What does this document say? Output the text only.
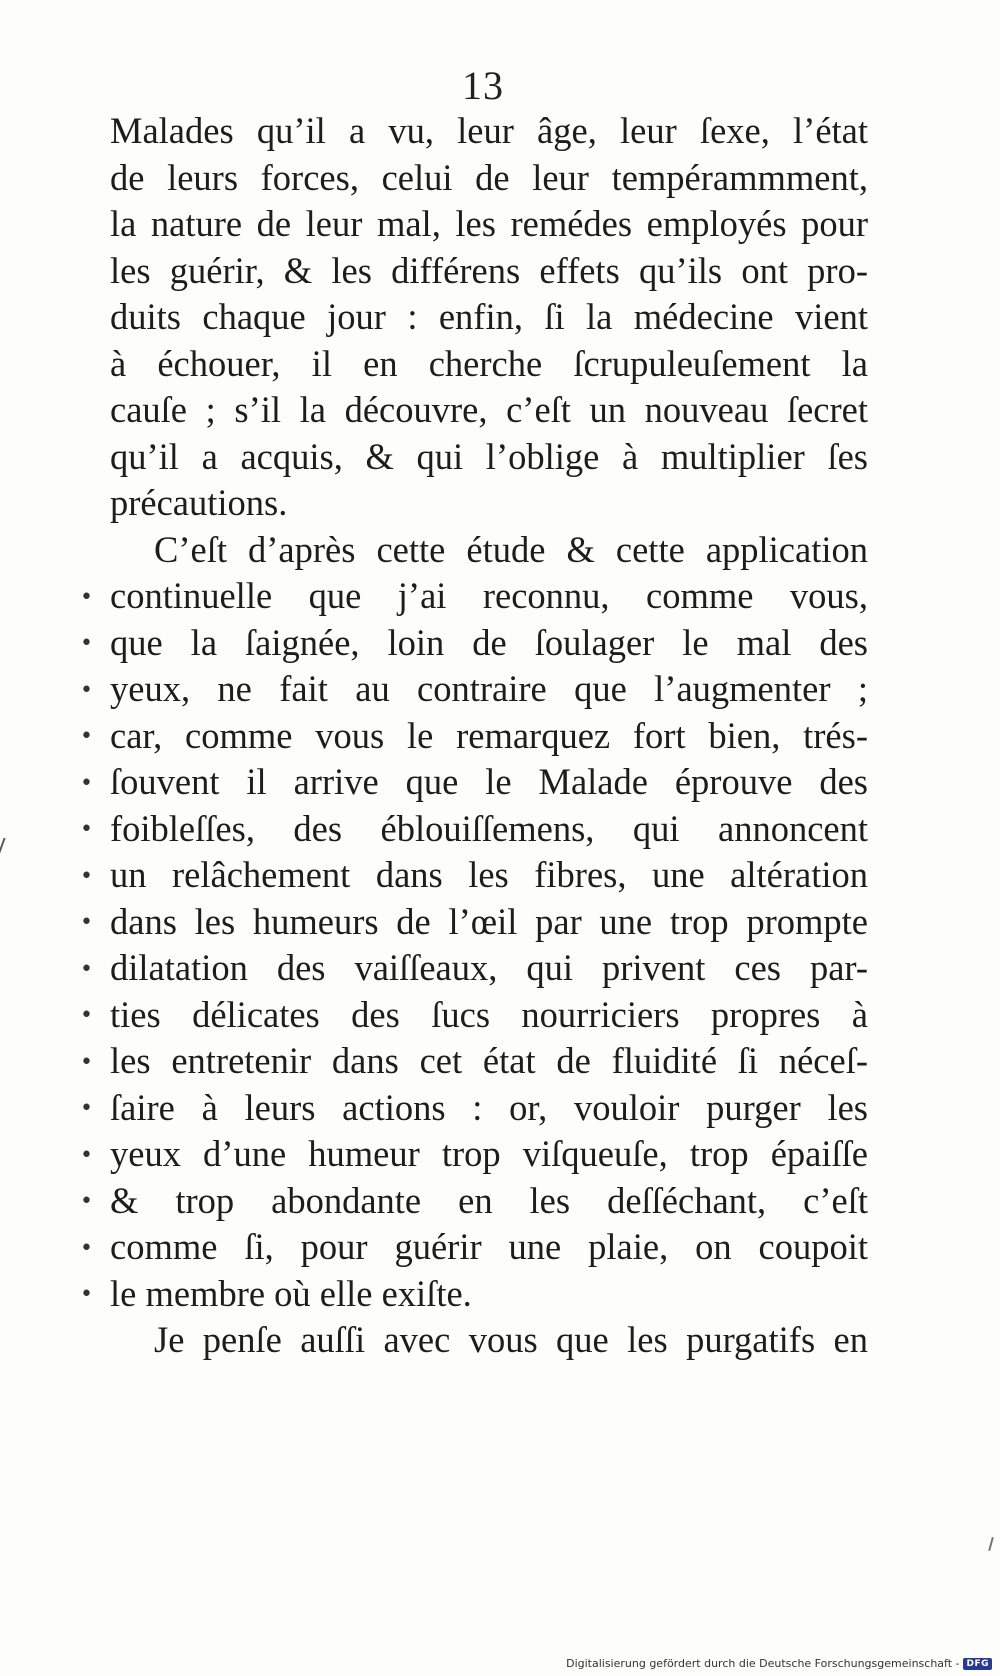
13
Malades qu’il a vu, leur âge, leur ſexe, l’état
de leurs forces, celui de leur tempérammment,
la nature de leur mal, les remédes employés pour
les guérir, & les différens effets qu’ils ont pro-
duits chaque jour : enfin, ſi la médecine vient
à échouer, il en cherche ſcrupuleuſement la
cauſe ; s’il la découvre, c’eſt un nouveau ſecret
qu’il a acquis, & qui l’oblige à multiplier ſes
précautions.
C’eſt d’après cette étude & cette application
•
•
•
•
•
•
•
•
•
•
•
•
•
•
•
•
continuelle que j’ai reconnu, comme vous,
que la ſaignée, loin de ſoulager le mal des
yeux, ne fait au contraire que l’augmenter ;
car, comme vous le remarquez fort bien, trés-
ſouvent il arrive que le Malade éprouve des
foibleſſes, des éblouiſſemens, qui annoncent
un relâchement dans les fibres, une altération
dans les humeurs de l’œil par une trop prompte
dilatation des vaiſſeaux, qui privent ces par-
ties délicates des ſucs nourriciers propres à
les entretenir dans cet état de fluidité ſi néceſ-
ſaire à leurs actions : or, vouloir purger les
yeux d’une humeur trop viſqueuſe, trop épaiſſe
& trop abondante en les deſſéchant, c’eſt
comme ſi, pour guérir une plaie, on coupoit
le membre où elle exiſte.
Je penſe auſſi avec vous que les purgatifs en
Digitalisierung gefördert durch die Deutsche Forschungsgemeinschaft - DFG
